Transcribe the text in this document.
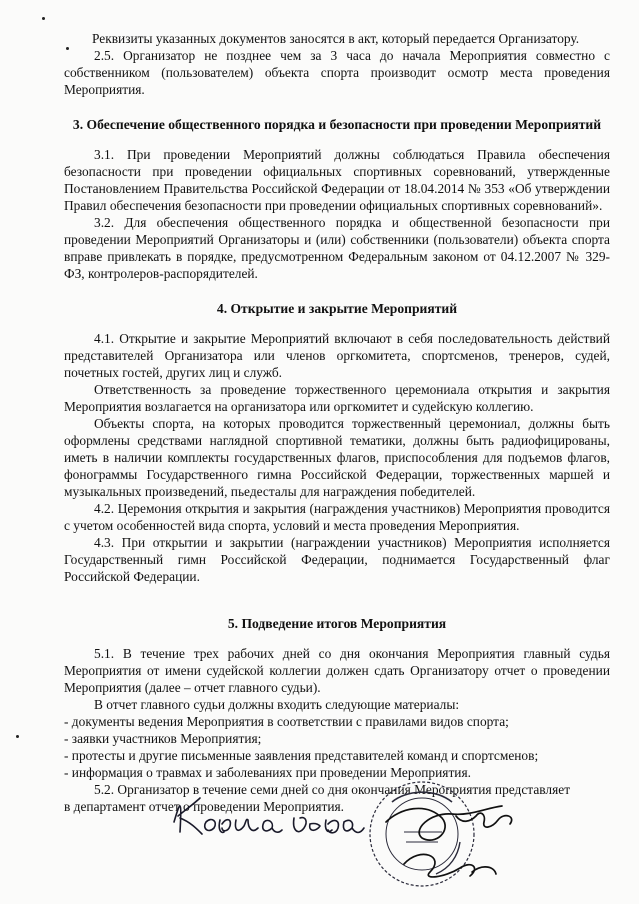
Реквизиты указанных документов заносятся в акт, который передается Организатору.

2.5. Организатор не позднее чем за 3 часа до начала Мероприятия совместно с собственником (пользователем) объекта спорта производит осмотр места проведения Мероприятия.

3. Обеспечение общественного порядка и безопасности при проведении Мероприятий

3.1. При проведении Мероприятий должны соблюдаться Правила обеспечения безопасности при проведении официальных спортивных соревнований, утвержденные Постановлением Правительства Российской Федерации от 18.04.2014 № 353 «Об утверждении Правил обеспечения безопасности при проведении официальных спортивных соревнований».

3.2. Для обеспечения общественного порядка и общественной безопасности при проведении Мероприятий Организаторы и (или) собственники (пользователи) объекта спорта вправе привлекать в порядке, предусмотренном Федеральным законом от 04.12.2007 № 329-ФЗ, контролеров-распорядителей.

4. Открытие и закрытие Мероприятий

4.1. Открытие и закрытие Мероприятий включают в себя последовательность действий представителей Организатора или членов оргкомитета, спортсменов, тренеров, судей, почетных гостей, других лиц и служб.

Ответственность за проведение торжественного церемониала открытия и закрытия Мероприятия возлагается на организатора или оргкомитет и судейскую коллегию.

Объекты спорта, на которых проводится торжественный церемониал, должны быть оформлены средствами наглядной спортивной тематики, должны быть радиофицированы, иметь в наличии комплекты государственных флагов, приспособления для подъемов флагов, фонограммы Государственного гимна Российской Федерации, торжественных маршей и музыкальных произведений, пьедесталы для награждения победителей.

4.2. Церемония открытия и закрытия (награждения участников) Мероприятия проводится с учетом особенностей вида спорта, условий и места проведения Мероприятия.

4.3. При открытии и закрытии (награждении участников) Мероприятия исполняется Государственный гимн Российской Федерации, поднимается Государственный флаг Российской Федерации.

5. Подведение итогов Мероприятия

5.1. В течение трех рабочих дней со дня окончания Мероприятия главный судья Мероприятия от имени судейской коллегии должен сдать Организатору отчет о проведении Мероприятия (далее – отчет главного судьи).

В отчет главного судьи должны входить следующие материалы:

- документы ведения Мероприятия в соответствии с правилами видов спорта;

- заявки участников Мероприятия;

- протесты и другие письменные заявления представителей команд и спортсменов;

- информация о травмах и заболеваниях при проведении Мероприятия.

5.2. Организатор в течение семи дней со дня окончания Мероприятия представляет

в департамент отчет о проведении Мероприятия.
